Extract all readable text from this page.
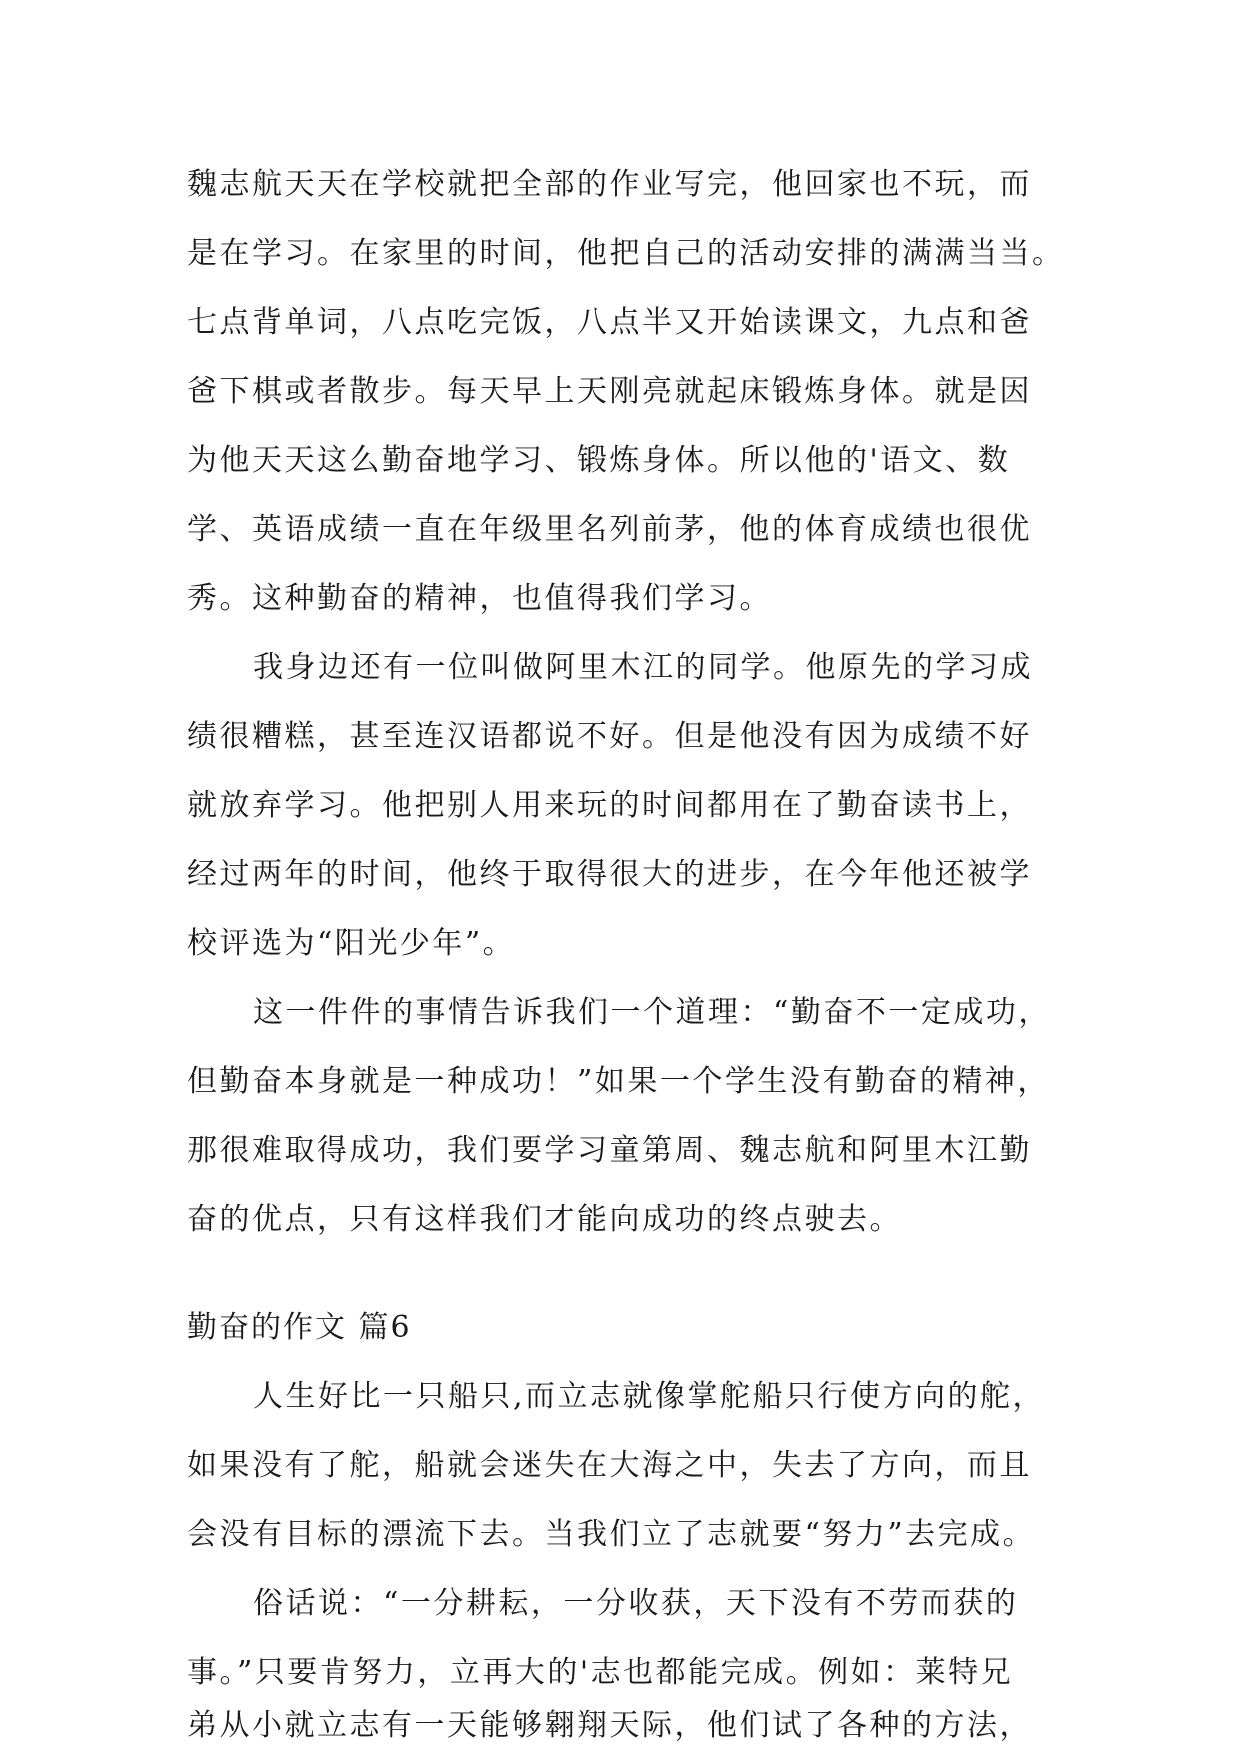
魏志航天天在学校就把全部的作业写完，他回家也不玩，而
是在学习。在家里的时间，他把自己的活动安排的满满当当。
七点背单词，八点吃完饭，八点半又开始读课文，九点和爸
爸下棋或者散步。每天早上天刚亮就起床锻炼身体。就是因
为他天天这么勤奋地学习、锻炼身体。所以他的'语文、数
学、英语成绩一直在年级里名列前茅，他的体育成绩也很优
秀。这种勤奋的精神，也值得我们学习。
我身边还有一位叫做阿里木江的同学。他原先的学习成
绩很糟糕，甚至连汉语都说不好。但是他没有因为成绩不好
就放弃学习。他把别人用来玩的时间都用在了勤奋读书上，
经过两年的时间，他终于取得很大的进步，在今年他还被学
校评选为“阳光少年”。
这一件件的事情告诉我们一个道理：“勤奋不一定成功，
但勤奋本身就是一种成功！”如果一个学生没有勤奋的精神，
那很难取得成功，我们要学习童第周、魏志航和阿里木江勤
奋的优点，只有这样我们才能向成功的终点驶去。
勤奋的作文 篇6
人生好比一只船只,而立志就像掌舵船只行使方向的舵，
如果没有了舵，船就会迷失在大海之中，失去了方向，而且
会没有目标的漂流下去。当我们立了志就要“努力”去完成。
俗话说：“一分耕耘，一分收获，天下没有不劳而获的
事。”只要肯努力，立再大的'志也都能完成。例如：莱特兄
弟从小就立志有一天能够翱翔天际，他们试了各种的方法，
